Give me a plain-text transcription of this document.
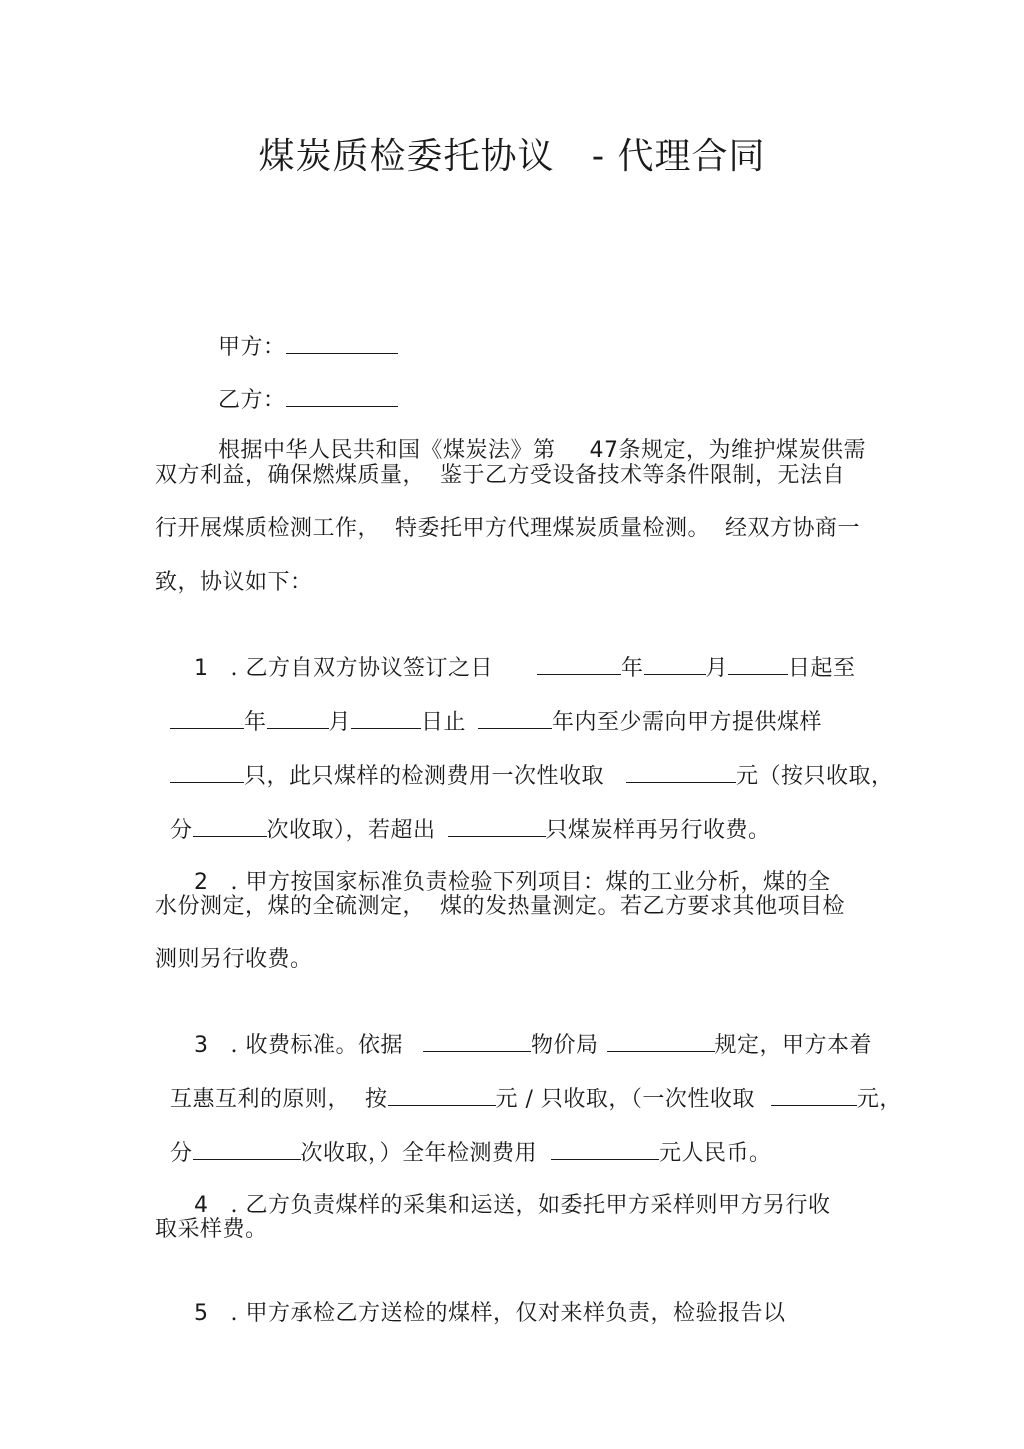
煤炭质检委托协议   - 代理合同

甲方：

乙方：

根据中华人民共和国《煤炭法》第 47条规定，为维护煤炭供需

双方利益，确保燃煤质量，  鉴于乙方受设备技术等条件限制，无法自
行开展煤质检测工作，  特委托甲方代理煤炭质量检测。  经双方协商一
致，协议如下：

1 . 乙方自双方协议签订之日	年	月	日起至

年	月	日止	年内至少需向甲方提供煤样

只，此只煤样的检测费用一次性收取	元（按只收取，

分	次收取），若超出	只煤炭样再另行收费。

2 . 甲方按国家标准负责检验下列项目：煤的工业分析，煤的全

水份测定，煤的全硫测定，  煤的发热量测定。若乙方要求其他项目检
测则另行收费。

3 . 收费标准。依据	物价局	规定，甲方本着

互惠互利的原则，  按	元 / 只收取，（一次性收取	元，

分	次收取，）全年检测费用	元人民币。

4 . 乙方负责煤样的采集和运送，如委托甲方采样则甲方另行收

取采样费。

5 . 甲方承检乙方送检的煤样，仅对来样负责，检验报告以
